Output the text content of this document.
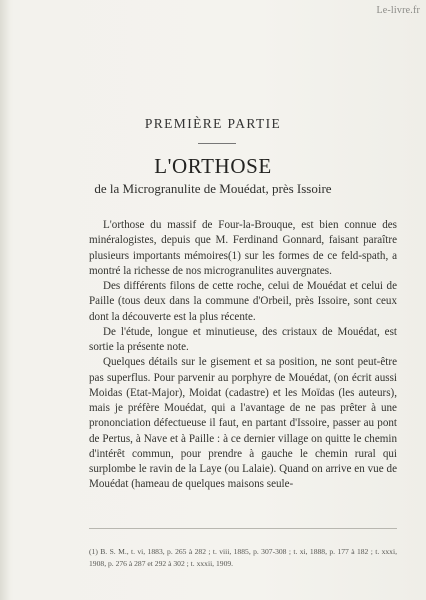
Le-livre.fr
PREMIÈRE PARTIE
L'ORTHOSE
de la Microgranulite de Mouédat, près Issoire

L'orthose du massif de Four-la-Brouque, est bien connue des minéralogistes, depuis que M. Ferdinand Gonnard, faisant paraître plusieurs importants mémoires(1) sur les formes de ce feld-spath, a montré la richesse de nos microgranulites auvergnates.

Des différents filons de cette roche, celui de Mouédat et celui de Paille (tous deux dans la commune d'Orbeil, près Issoire, sont ceux dont la découverte est la plus récente.

De l'étude, longue et minutieuse, des cristaux de Mouédat, est sortie la présente note.

Quelques détails sur le gisement et sa position, ne sont peut-être pas superflus. Pour parvenir au porphyre de Mouédat, (on écrit aussi Moidas (Etat-Major), Moidat (cadastre) et les Moïdas (les auteurs), mais je préfère Mouédat, qui a l'avantage de ne pas prêter à une prononciation défectueuse il faut, en partant d'Issoire, passer au pont de Pertus, à Nave et à Paille : à ce dernier village on quitte le chemin d'intérêt commun, pour prendre à gauche le chemin rural qui surplombe le ravin de la Laye (ou Lalaie). Quand on arrive en vue de Mouédat (hameau de quelques maisons seule-

(1) B. S. M., t. vi, 1883, p. 265 à 282 ; t. viii, 1885, p. 307-308 ; t. xi, 1888, p. 177 à 182 ; t. xxxi, 1908, p. 276 à 287 et 292 à 302 ; t. xxxii, 1909.
